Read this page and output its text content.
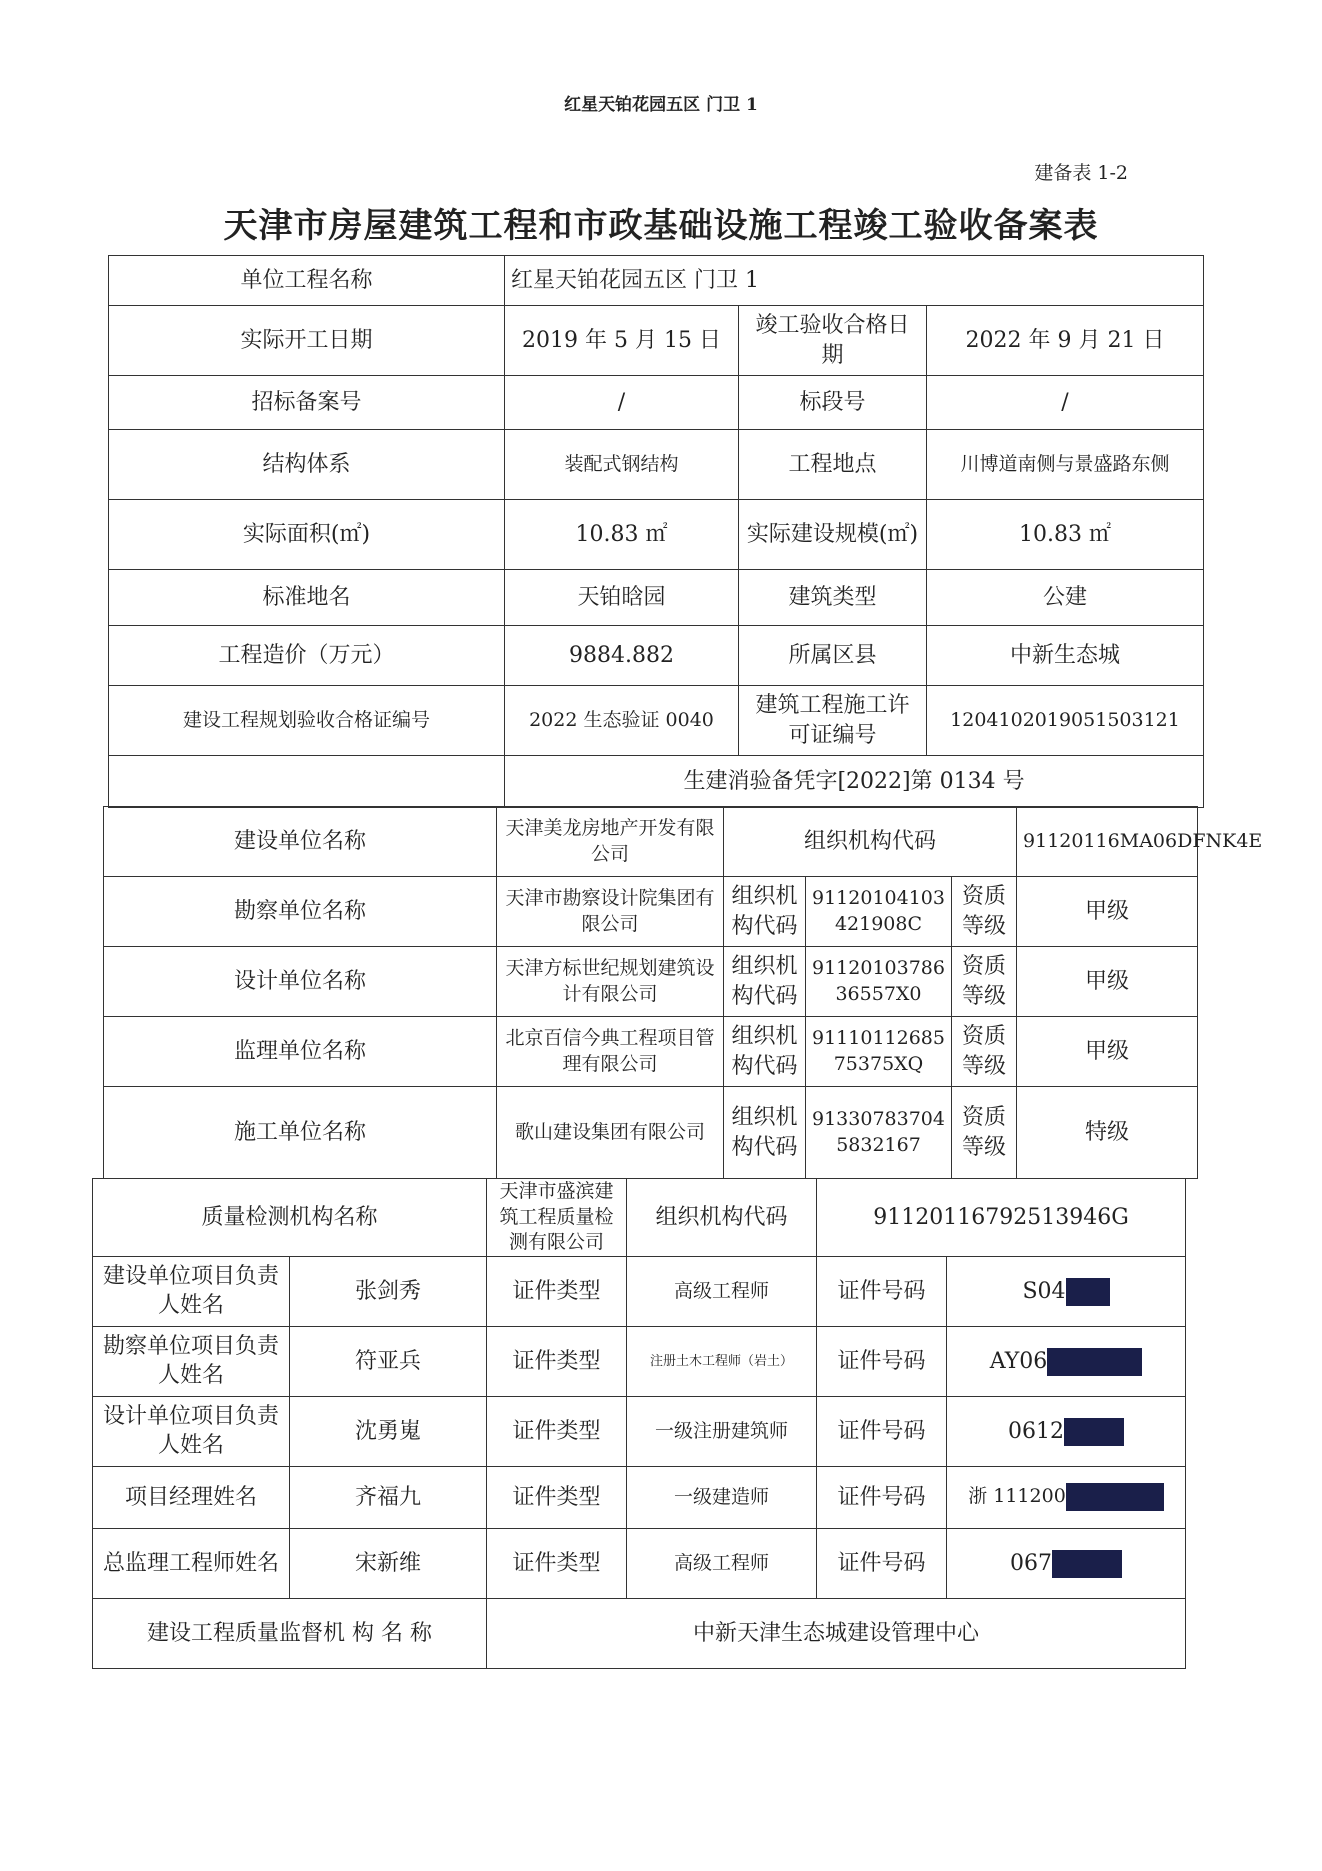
红星天铂花园五区 门卫 1
建备表 1-2
天津市房屋建筑工程和市政基础设施工程竣工验收备案表
单位工程名称	红星天铂花园五区 门卫 1		
实际开工日期	2019 年 5 月 15 日	竣工验收合格日期	2022 年 9 月 21 日
招标备案号	/	标段号	/
结构体系	装配式钢结构	工程地点	川博道南侧与景盛路东侧
实际面积(㎡)	10.83 ㎡	实际建设规模(㎡)	10.83 ㎡
标准地名	天铂晗园	建筑类型	公建
工程造价（万元）	9884.882	所属区县	中新生态城
建设工程规划验收合格证编号	2022 生态验证 0040	建筑工程施工许可证编号	120410201905150312​1
	生建消验备凭字[2022]第 0134 号		
建设单位名称	天津美龙房地产开发有限公司	组织机构代码			91120116MA06DFNK4E
勘察单位名称	天津市勘察设计院集团有限公司	组织机构代码	91120104103421908C	资质等级	甲级
设计单位名称	天津方标世纪规划建筑设计有限公司	组织机构代码	9112010378636557X0	资质等级	甲级
监理单位名称	北京百信今典工程项目管理有限公司	组织机构代码	9111011268575375XQ	资质等级	甲级
施工单位名称	歌山建设集团有限公司	组织机构代码	913307837045832167	资质等级	特级
质量检测机构名称		天津市盛滨建筑工程质量检测有限公司	组织机构代码	91120116792513946G	
建设单位项目负责人姓名	张剑秀	证件类型	高级工程师	证件号码	S04
勘察单位项目负责人姓名	符亚兵	证件类型	注册土木工程师（岩土）	证件号码	AY06
设计单位项目负责人姓名	沈勇嵬	证件类型	一级注册建筑师	证件号码	0612
项目经理姓名	齐福九	证件类型	一级建造师	证件号码	浙 111200
总监理工程师姓名	宋新维	证件类型	高级工程师	证件号码	067
建设工程质量监督机 构 名 称		中新天津生态城建设管理中心			
